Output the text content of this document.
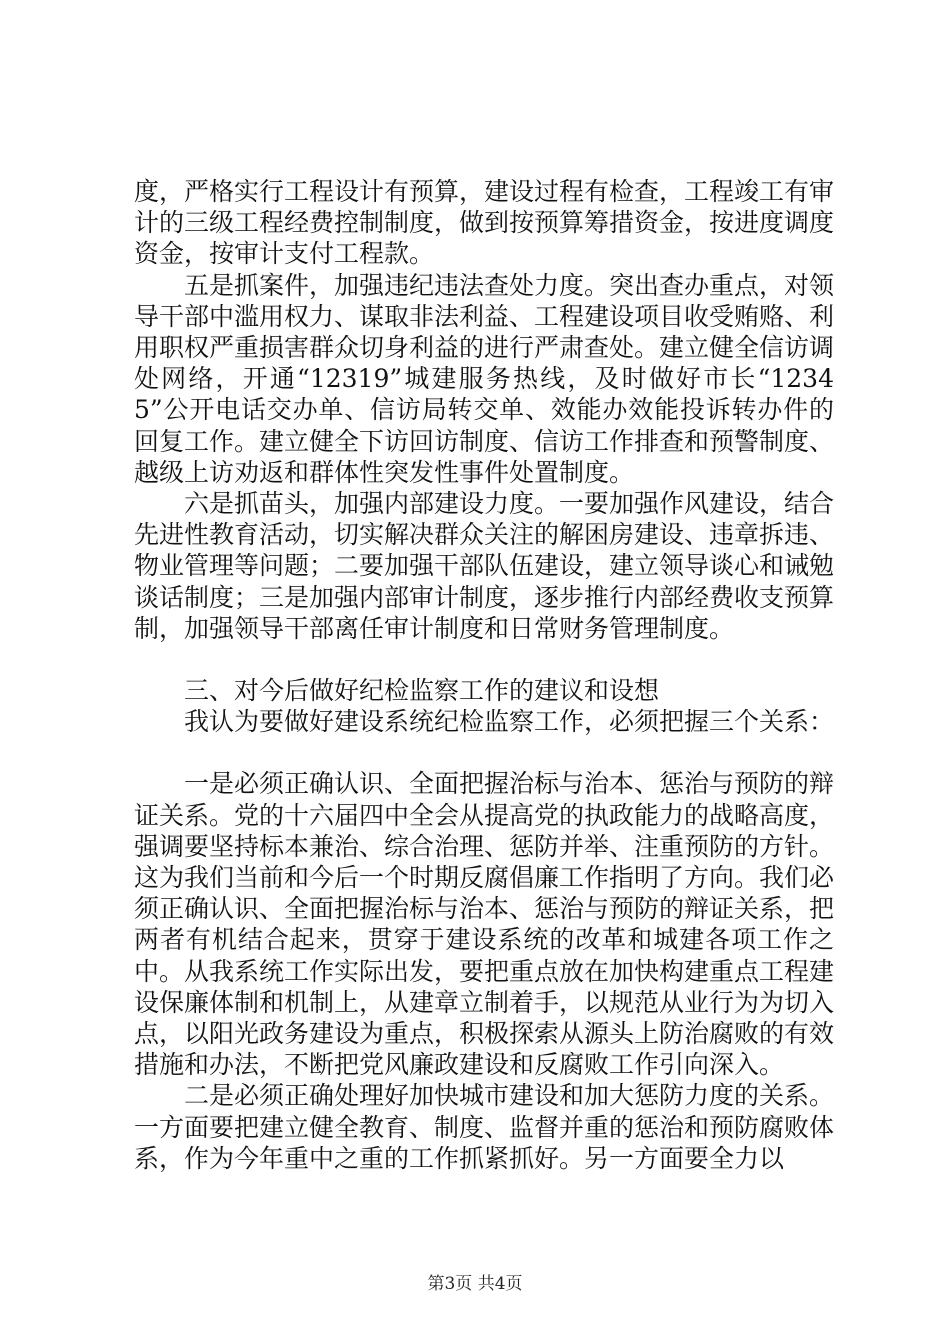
度，严格实行工程设计有预算，建设过程有检查，工程竣工有审计的三级工程经费控制制度，做到按预算筹措资金，按进度调度资金，按审计支付工程款。

五是抓案件，加强违纪违法查处力度。突出查办重点，对领导干部中滥用权力、谋取非法利益、工程建设项目收受贿赂、利用职权严重损害群众切身利益的进行严肃查处。建立健全信访调处网络，开通“12319”城建服务热线，及时做好市长“12345”公开电话交办单、信访局转交单、效能办效能投诉转办件的回复工作。建立健全下访回访制度、信访工作排查和预警制度、越级上访劝返和群体性突发性事件处置制度。

六是抓苗头，加强内部建设力度。一要加强作风建设，结合先进性教育活动，切实解决群众关注的解困房建设、违章拆违、物业管理等问题；二要加强干部队伍建设，建立领导谈心和诫勉谈话制度；三是加强内部审计制度，逐步推行内部经费收支预算制，加强领导干部离任审计制度和日常财务管理制度。

三、对今后做好纪检监察工作的建议和设想

我认为要做好建设系统纪检监察工作，必须把握三个关系：

一是必须正确认识、全面把握治标与治本、惩治与预防的辩证关系。党的十六届四中全会从提高党的执政能力的战略高度，强调要坚持标本兼治、综合治理、惩防并举、注重预防的方针。这为我们当前和今后一个时期反腐倡廉工作指明了方向。我们必须正确认识、全面把握治标与治本、惩治与预防的辩证关系，把两者有机结合起来，贯穿于建设系统的改革和城建各项工作之中。从我系统工作实际出发，要把重点放在加快构建重点工程建设保廉体制和机制上，从建章立制着手，以规范从业行为为切入点，以阳光政务建设为重点，积极探索从源头上防治腐败的有效措施和办法，不断把党风廉政建设和反腐败工作引向深入。

二是必须正确处理好加快城市建设和加大惩防力度的关系。一方面要把建立健全教育、制度、监督并重的惩治和预防腐败体系，作为今年重中之重的工作抓紧抓好。另一方面要全力以

第3页 共4页
